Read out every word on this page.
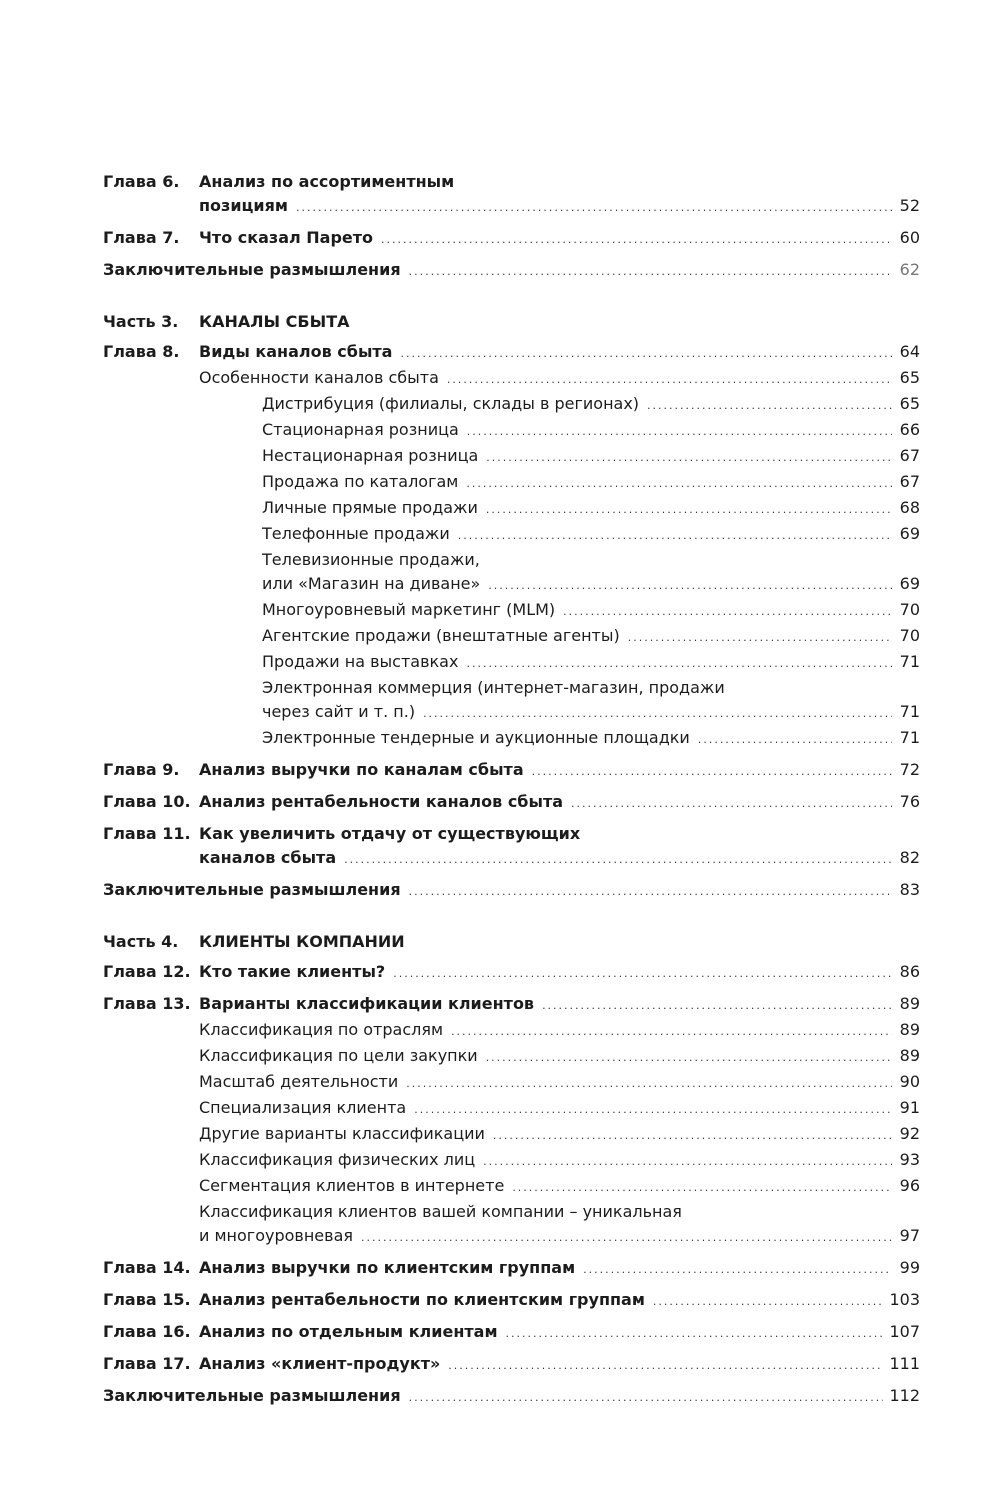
Глава 6. Анализ по ассортиментным
позициям .....	52
Глава 7. Что сказал Парето .....	60
Заключительные размышления .....	62
Часть 3. КАНАЛЫ СБЫТА
Глава 8. Виды каналов сбыта .....	64
Особенности каналов сбыта .....	65
Дистрибуция (филиалы, склады в регионах) .....	65
Стационарная розница .....	66
Нестационарная розница .....	67
Продажа по каталогам .....	67
Личные прямые продажи .....	68
Телефонные продажи .....	69
Телевизионные продажи,
или «Магазин на диване» .....	69
Многоуровневый маркетинг (MLM) .....	70
Агентские продажи (внештатные агенты) .....	70
Продажи на выставках .....	71
Электронная коммерция (интернет-магазин, продажи
через сайт и т. п.) .....	71
Электронные тендерные и аукционные площадки .....	71
Глава 9. Анализ выручки по каналам сбыта .....	72
Глава 10. Анализ рентабельности каналов сбыта .....	76
Глава 11. Как увеличить отдачу от существующих
каналов сбыта .....	82
Заключительные размышления .....	83
Часть 4. КЛИЕНТЫ КОМПАНИИ
Глава 12. Кто такие клиенты? .....	86
Глава 13. Варианты классификации клиентов .....	89
Классификация по отраслям .....	89
Классификация по цели закупки .....	89
Масштаб деятельности .....	90
Специализация клиента .....	91
Другие варианты классификации .....	92
Классификация физических лиц .....	93
Сегментация клиентов в интернете .....	96
Классификация клиентов вашей компании – уникальная
и многоуровневая .....	97
Глава 14. Анализ выручки по клиентским группам .....	99
Глава 15. Анализ рентабельности по клиентским группам .....	103
Глава 16. Анализ по отдельным клиентам .....	107
Глава 17. Анализ «клиент-продукт» .....	111
Заключительные размышления .....	112
